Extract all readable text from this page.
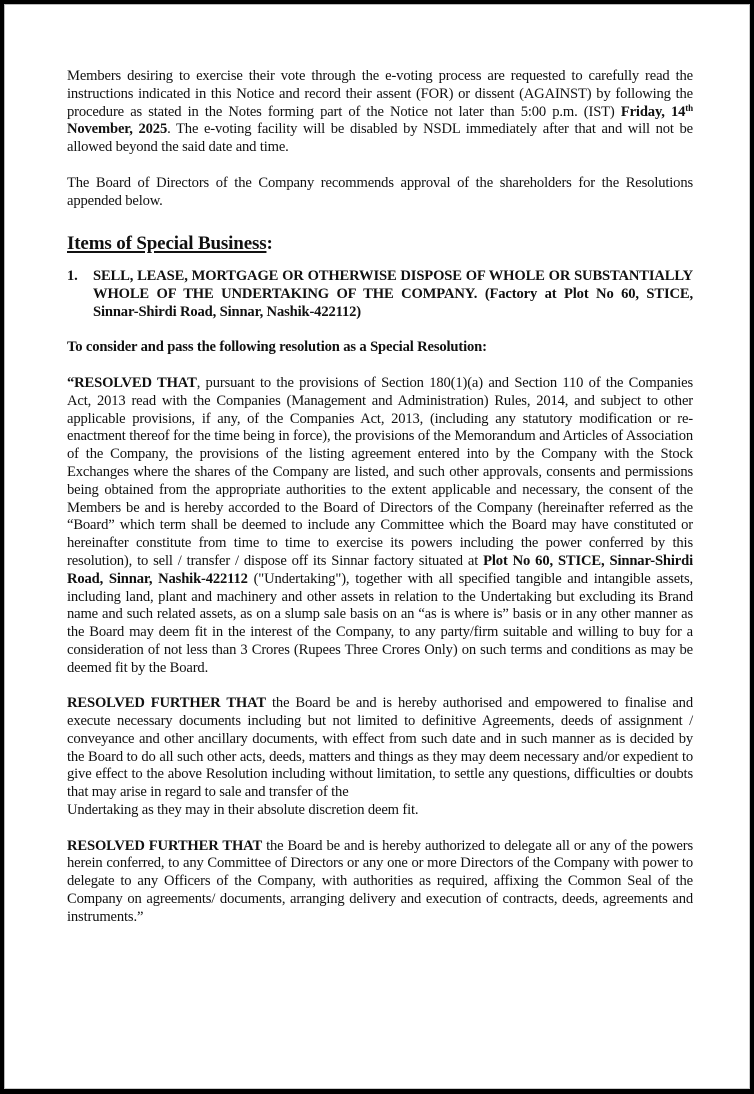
Members desiring to exercise their vote through the e-voting process are requested to carefully read the instructions indicated in this Notice and record their assent (FOR) or dissent (AGAINST) by following the procedure as stated in the Notes forming part of the Notice not later than 5:00 p.m. (IST) Friday, 14th November, 2025. The e-voting facility will be disabled by NSDL immediately after that and will not be allowed beyond the said date and time.

The Board of Directors of the Company recommends approval of the shareholders for the Resolutions appended below.

Items of Special Business:

1.	SELL, LEASE, MORTGAGE OR OTHERWISE DISPOSE OF WHOLE OR SUBSTANTIALLY WHOLE OF THE UNDERTAKING OF THE COMPANY. (Factory at Plot No 60, STICE, Sinnar-Shirdi Road, Sinnar, Nashik-422112)

To consider and pass the following resolution as a Special Resolution:

“RESOLVED THAT, pursuant to the provisions of Section 180(1)(a) and Section 110 of the Companies Act, 2013 read with the Companies (Management and Administration) Rules, 2014, and subject to other applicable provisions, if any, of the Companies Act, 2013, (including any statutory modification or re-enactment thereof for the time being in force), the provisions of the Memorandum and Articles of Association of the Company, the provisions of the listing agreement entered into by the Company with the Stock Exchanges where the shares of the Company are listed, and such other approvals, consents and permissions being obtained from the appropriate authorities to the extent applicable and necessary, the consent of the Members be and is hereby accorded to the Board of Directors of the Company (hereinafter referred as the “Board” which term shall be deemed to include any Committee which the Board may have constituted or hereinafter constitute from time to time to exercise its powers including the power conferred by this resolution), to sell / transfer / dispose off its Sinnar factory situated at Plot No 60, STICE, Sinnar-Shirdi Road, Sinnar, Nashik-422112 ("Undertaking"), together with all specified tangible and intangible assets, including land, plant and machinery and other assets in relation to the Undertaking but excluding its Brand name and such related assets, as on a slump sale basis on an “as is where is” basis or in any other manner as the Board may deem fit in the interest of the Company, to any party/firm suitable and willing to buy for a consideration of not less than 3 Crores (Rupees Three Crores Only) on such terms and conditions as may be deemed fit by the Board.

RESOLVED FURTHER THAT the Board be and is hereby authorised and empowered to finalise and execute necessary documents including but not limited to definitive Agreements, deeds of assignment / conveyance and other ancillary documents, with effect from such date and in such manner as is decided by the Board to do all such other acts, deeds, matters and things as they may deem necessary and/or expedient to give effect to the above Resolution including without limitation, to settle any questions, difficulties or doubts that may arise in regard to sale and transfer of the

Undertaking as they may in their absolute discretion deem fit.

RESOLVED FURTHER THAT the Board be and is hereby authorized to delegate all or any of the powers herein conferred, to any Committee of Directors or any one or more Directors of the Company with power to delegate to any Officers of the Company, with authorities as required, affixing the Common Seal of the Company on agreements/ documents, arranging delivery and execution of contracts, deeds, agreements and instruments.”
